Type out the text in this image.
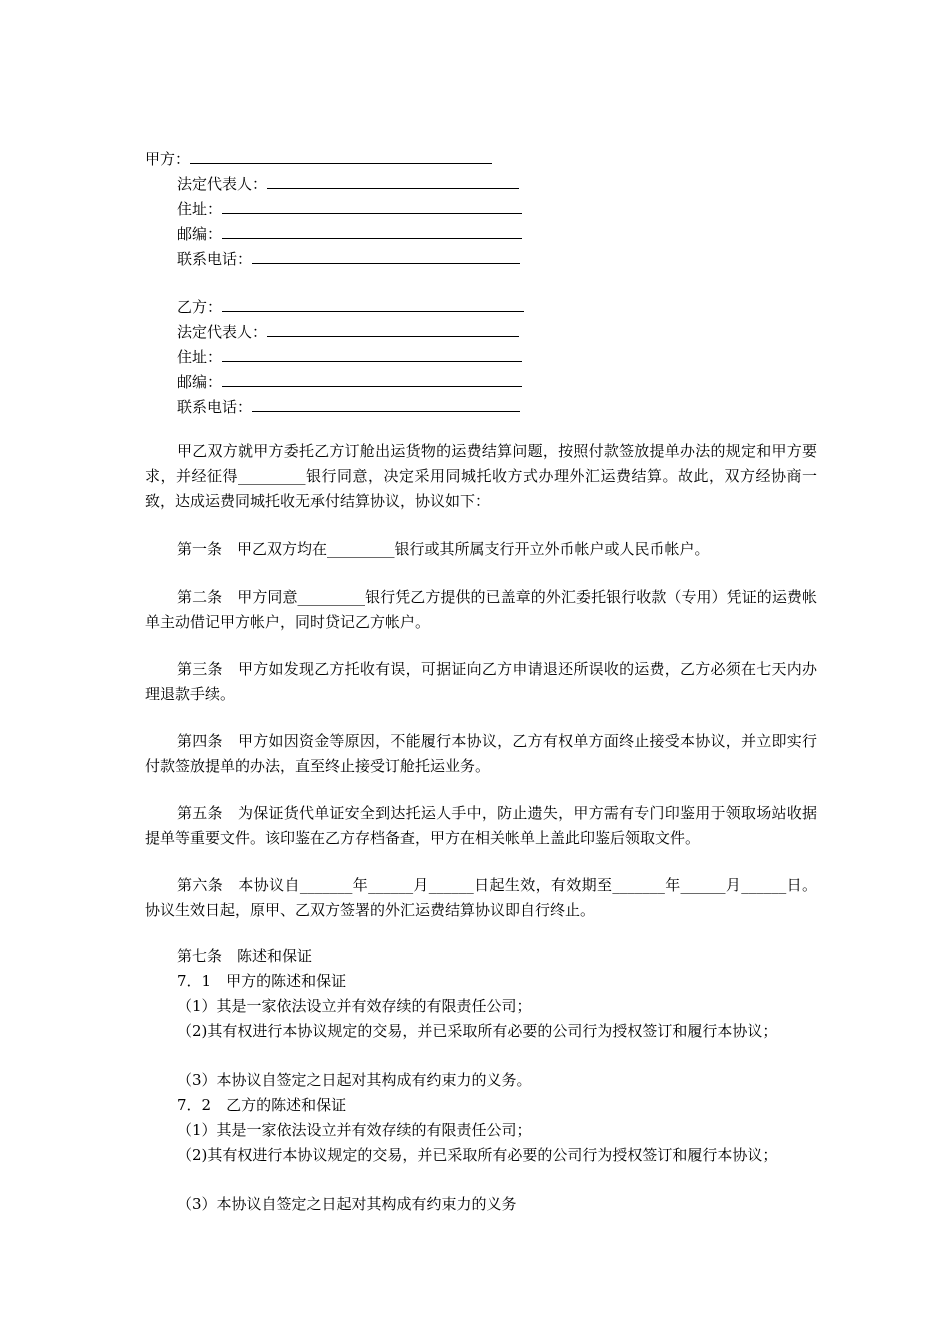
甲方：
法定代表人：
住址：
邮编：
联系电话：
乙方：
法定代表人：
住址：
邮编：
联系电话：
甲乙双方就甲方委托乙方订舱出运货物的运费结算问题，按照付款签放提单办法的规定和甲方要求，并经征得_________银行同意，决定采用同城托收方式办理外汇运费结算。故此，双方经协商一致，达成运费同城托收无承付结算协议，协议如下：
第一条　甲乙双方均在_________银行或其所属支行开立外币帐户或人民币帐户。
第二条　甲方同意_________银行凭乙方提供的已盖章的外汇委托银行收款（专用）凭证的运费帐单主动借记甲方帐户，同时贷记乙方帐户。
第三条　甲方如发现乙方托收有误，可据证向乙方申请退还所误收的运费，乙方必须在七天内办理退款手续。
第四条　甲方如因资金等原因，不能履行本协议，乙方有权单方面终止接受本协议，并立即实行付款签放提单的办法，直至终止接受订舱托运业务。
第五条　为保证货代单证安全到达托运人手中，防止遗失，甲方需有专门印鉴用于领取场站收据提单等重要文件。该印鉴在乙方存档备查，甲方在相关帐单上盖此印鉴后领取文件。
第六条　本协议自_______年______月______日起生效，有效期至_______年______月______日。协议生效日起，原甲、乙双方签署的外汇运费结算协议即自行终止。
第七条　陈述和保证
7．1　甲方的陈述和保证
（1）其是一家依法设立并有效存续的有限责任公司；
（2)其有权进行本协议规定的交易，并已采取所有必要的公司行为授权签订和履行本协议；
（3）本协议自签定之日起对其构成有约束力的义务。
7．2　乙方的陈述和保证
（1）其是一家依法设立并有效存续的有限责任公司；
（2)其有权进行本协议规定的交易，并已采取所有必要的公司行为授权签订和履行本协议；
（3）本协议自签定之日起对其构成有约束力的义务
